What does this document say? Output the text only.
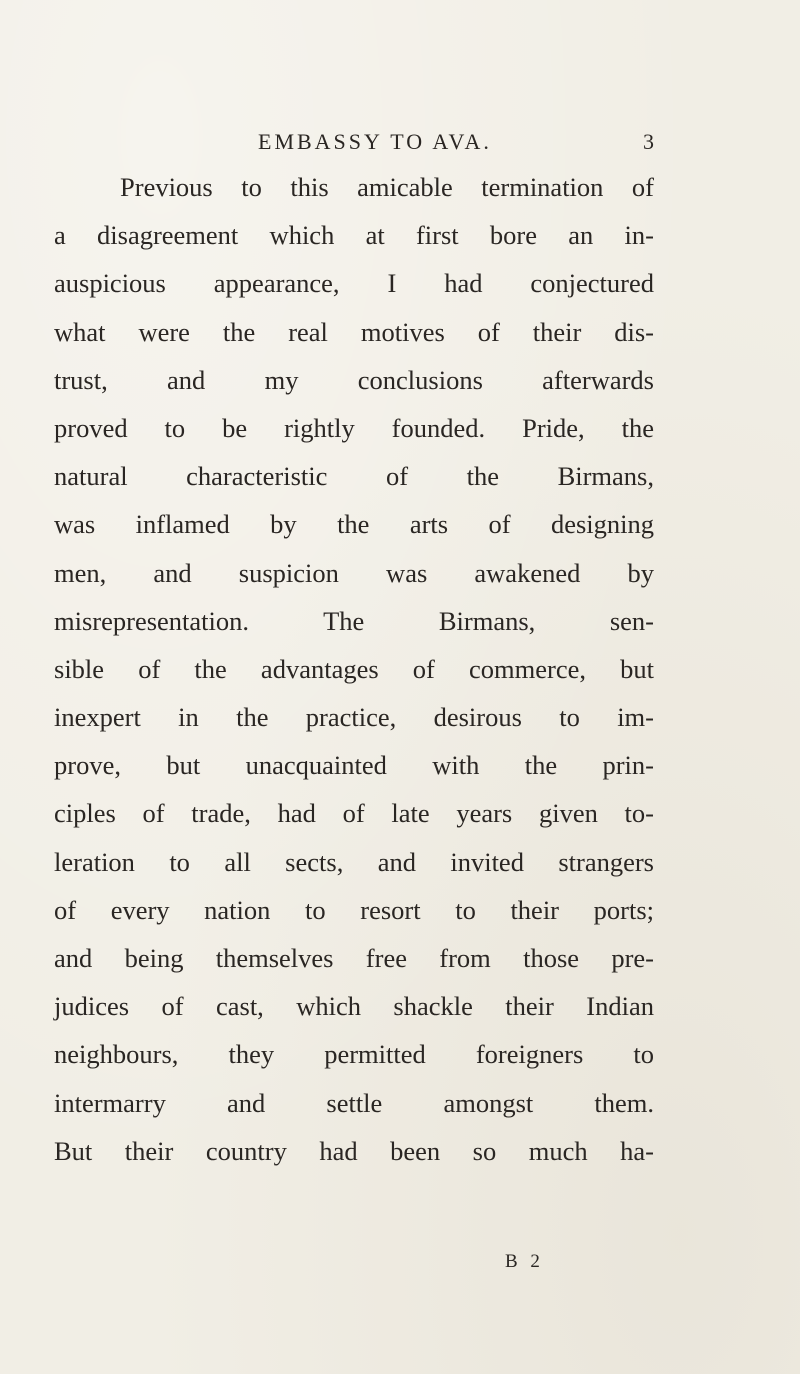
EMBASSY TO AVA.	3
Previous to this amicable termination of
a disagreement which at first bore an in-
auspicious appearance, I had conjectured
what were the real motives of their dis-
trust, and my conclusions afterwards
proved to be rightly founded. Pride, the
natural characteristic of the Birmans,
was inflamed by the arts of designing
men, and suspicion was awakened by
misrepresentation. The Birmans, sen-
sible of the advantages of commerce, but
inexpert in the practice, desirous to im-
prove, but unacquainted with the prin-
ciples of trade, had of late years given to-
leration to all sects, and invited strangers
of every nation to resort to their ports;
and being themselves free from those pre-
judices of cast, which shackle their Indian
neighbours, they permitted foreigners to
intermarry and settle amongst them.
But their country had been so much ha-
B 2
